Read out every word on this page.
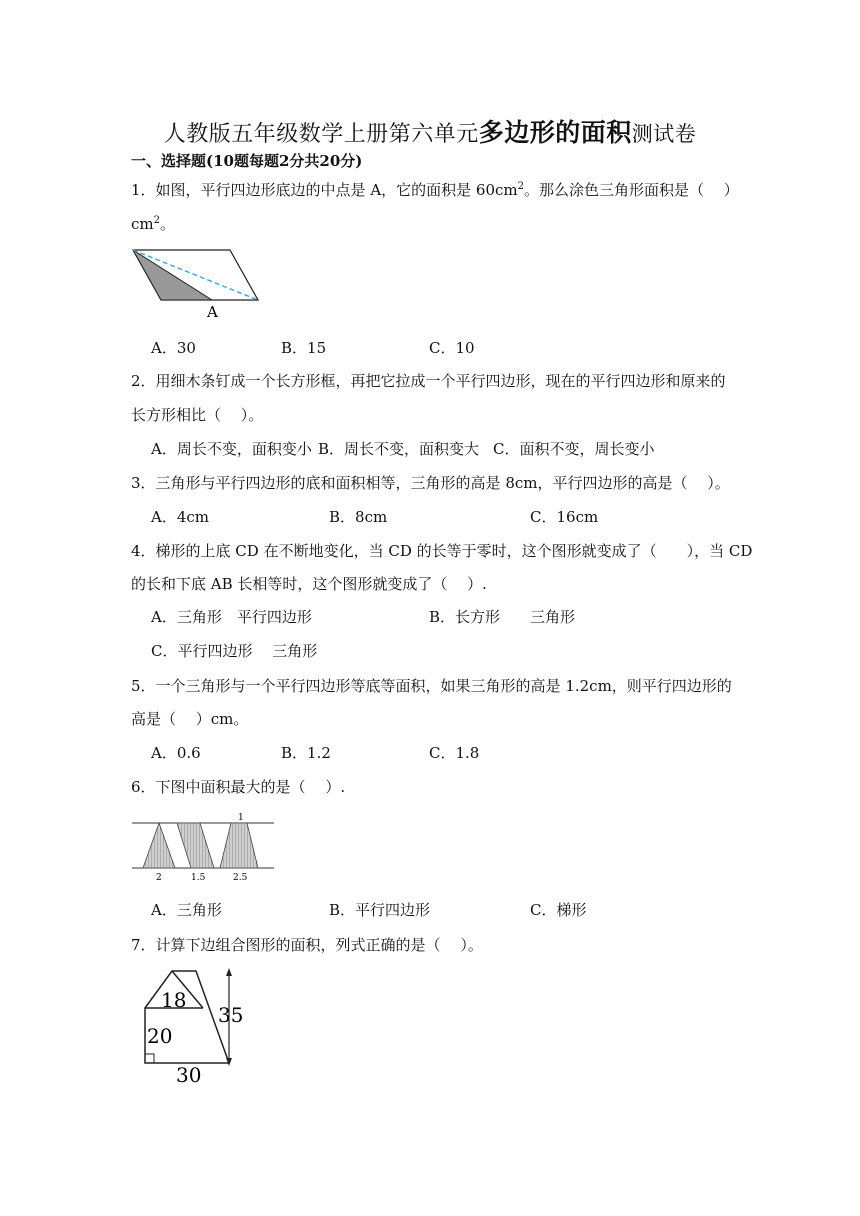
人教版五年级数学上册第六单元多边形的面积测试卷
一、选择题(10题每题2分共20分)
1．如图，平行四边形底边的中点是 A，它的面积是 $60cm^2$。那么涂色三角形面积是（　 ）
$cm^2$。
A
A．30	B．15	C．10
2．用细木条钉成一个长方形框，再把它拉成一个平行四边形，现在的平行四边形和原来的
长方形相比（　 ）。
A．周长不变，面积变小 B．周长不变，面积变大 C．面积不变，周长变小
3．三角形与平行四边形的底和面积相等，三角形的高是 8cm，平行四边形的高是（　 ）。
A．4cm	B．8cm	C．16cm
4．梯形的上底 CD 在不断地变化，当 CD 的长等于零时，这个图形就变成了（　　），当 CD
的长和下底 AB 长相等时，这个图形就变成了（　 ）.
A．三角形　平行四边形	B．长方形　　三角形
C．平行四边形　 三角形
5．一个三角形与一个平行四边形等底等面积，如果三角形的高是 1.2cm，则平行四边形的
高是（　 ）cm。
A．0.6	B．1.2	C．1.8
6．下图中面积最大的是（　 ）.
2	1.5	2.5
1
A．三角形	B．平行四边形	C．梯形
7．计算下边组合图形的面积，列式正确的是（　 ）。
18
20
35
30
